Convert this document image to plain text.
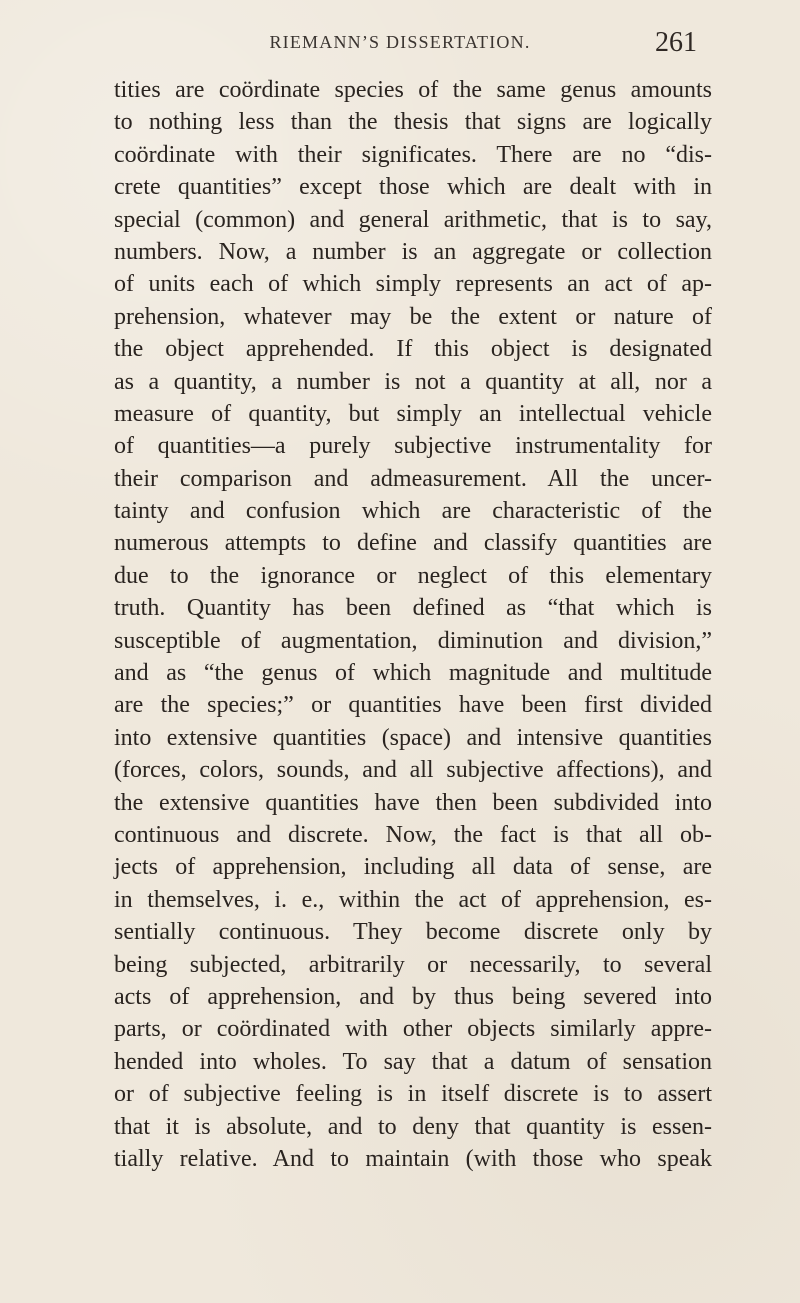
RIEMANN’S DISSERTATION.	261
tities are coördinate species of the same genus amounts
to nothing less than the thesis that signs are logically
coördinate with their significates. There are no “dis-
crete quantities” except those which are dealt with in
special (common) and general arithmetic, that is to say,
numbers. Now, a number is an aggregate or collection
of units each of which simply represents an act of ap-
prehension, whatever may be the extent or nature of
the object apprehended. If this object is designated
as a quantity, a number is not a quantity at all, nor a
measure of quantity, but simply an intellectual vehicle
of quantities—a purely subjective instrumentality for
their comparison and admeasurement. All the uncer-
tainty and confusion which are characteristic of the
numerous attempts to define and classify quantities are
due to the ignorance or neglect of this elementary
truth. Quantity has been defined as “that which is
susceptible of augmentation, diminution and division,”
and as “the genus of which magnitude and multitude
are the species;” or quantities have been first divided
into extensive quantities (space) and intensive quantities
(forces, colors, sounds, and all subjective affections), and
the extensive quantities have then been subdivided into
continuous and discrete. Now, the fact is that all ob-
jects of apprehension, including all data of sense, are
in themselves, i. e., within the act of apprehension, es-
sentially continuous. They become discrete only by
being subjected, arbitrarily or necessarily, to several
acts of apprehension, and by thus being severed into
parts, or coördinated with other objects similarly appre-
hended into wholes. To say that a datum of sensation
or of subjective feeling is in itself discrete is to assert
that it is absolute, and to deny that quantity is essen-
tially relative. And to maintain (with those who speak
